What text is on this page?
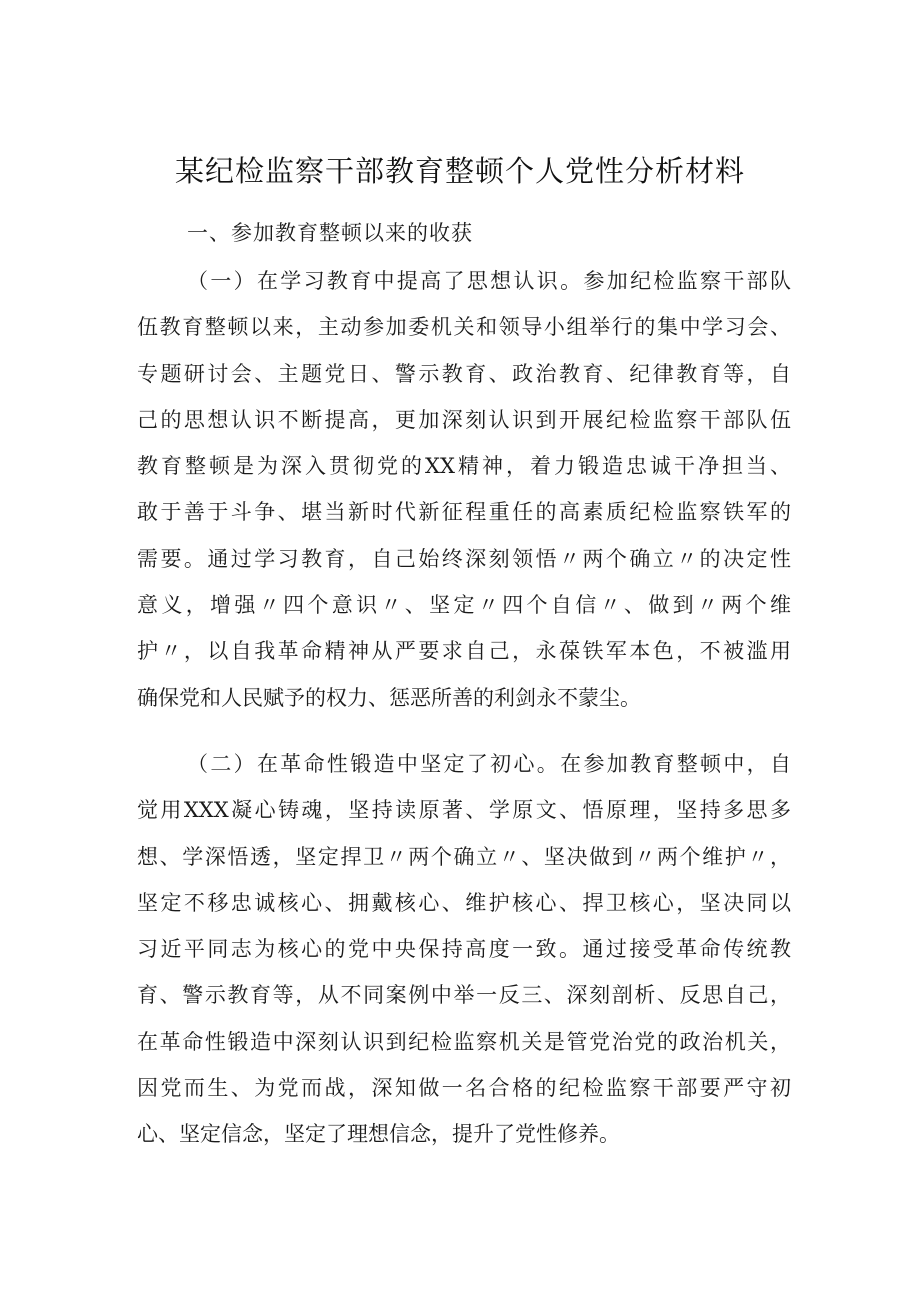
某纪检监察干部教育整顿个人党性分析材料
一、参加教育整顿以来的收获
（一）在学习教育中提高了思想认识。参加纪检监察干部队
伍教育整顿以来，主动参加委机关和领导小组举行的集中学习会、
专题研讨会、主题党日、警示教育、政治教育、纪律教育等，自
己的思想认识不断提高，更加深刻认识到开展纪检监察干部队伍
教育整顿是为深入贯彻党的XX精神，着力锻造忠诚干净担当、
敢于善于斗争、堪当新时代新征程重任的高素质纪检监察铁军的
需要。通过学习教育，自己始终深刻领悟〃两个确立〃的决定性
意义，增强〃四个意识〃、坚定〃四个自信〃、做到〃两个维
护〃，以自我革命精神从严要求自己，永葆铁军本色，不被滥用
确保党和人民赋予的权力、惩恶所善的利剑永不蒙尘。
（二）在革命性锻造中坚定了初心。在参加教育整顿中，自
觉用XXX凝心铸魂，坚持读原著、学原文、悟原理，坚持多思多
想、学深悟透，坚定捍卫〃两个确立〃、坚决做到〃两个维护〃，
坚定不移忠诚核心、拥戴核心、维护核心、捍卫核心，坚决同以
习近平同志为核心的党中央保持高度一致。通过接受革命传统教
育、警示教育等，从不同案例中举一反三、深刻剖析、反思自己，
在革命性锻造中深刻认识到纪检监察机关是管党治党的政治机关，
因党而生、为党而战，深知做一名合格的纪检监察干部要严守初
心、坚定信念，坚定了理想信念，提升了党性修养。
